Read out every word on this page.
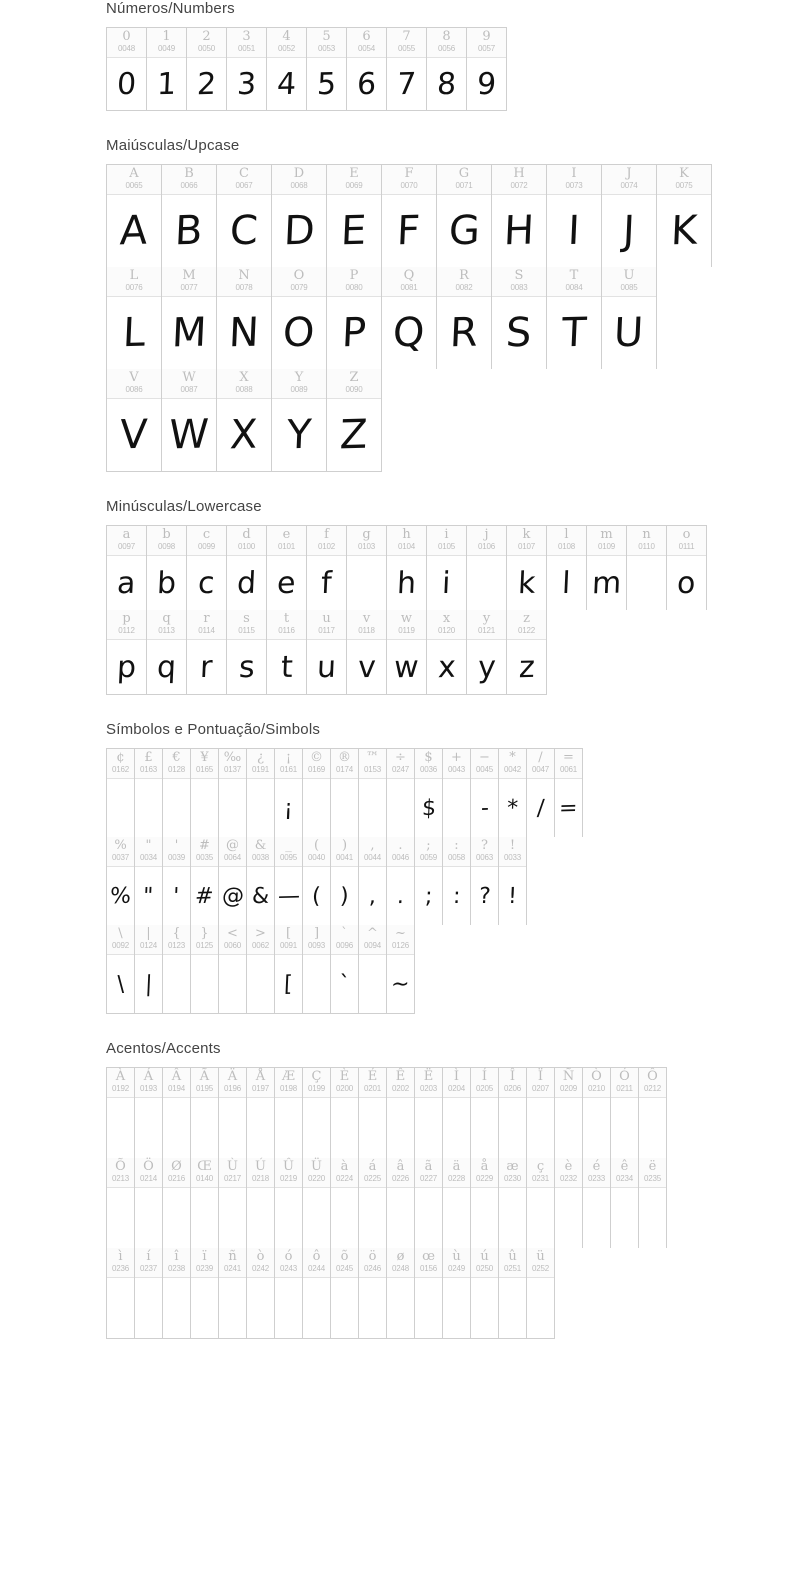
Números/Numbers
0
0048
0
1
0049
1
2
0050
2
3
0051
3
4
0052
4
5
0053
5
6
0054
6
7
0055
7
8
0056
8
9
0057
9
Maiúsculas/Upcase
A
0065
A
B
0066
B
C
0067
C
D
0068
D
E
0069
E
F
0070
F
G
0071
G
H
0072
H
I
0073
I
J
0074
J
K
0075
K
L
0076
L
M
0077
M
N
0078
N
O
0079
O
P
0080
P
Q
0081
Q
R
0082
R
S
0083
S
T
0084
T
U
0085
U
V
0086
V
W
0087
W
X
0088
X
Y
0089
Y
Z
0090
Z
Minúsculas/Lowercase
a
0097
a
b
0098
b
c
0099
c
d
0100
d
e
0101
e
f
0102
f
g
0103
h
0104
h
i
0105
i
j
0106
k
0107
k
l
0108
l
m
0109
m
n
0110
o
0111
o
p
0112
p
q
0113
q
r
0114
r
s
0115
s
t
0116
t
u
0117
u
v
0118
v
w
0119
w
x
0120
x
y
0121
y
z
0122
z
Símbolos e Pontuação/Simbols
¢
0162
£
0163
€
0128
¥
0165
‰
0137
¿
0191
¡
0161
¡
©
0169
®
0174
™
0153
÷
0247
$
0036
$
+
0043
−
0045
-
*
0042
*
/
0047
/
=
0061
=
%
0037
%
"
0034
"
'
0039
'
#
0035
#
@
0064
@
&
0038
&
_
0095
—
(
0040
(
)
0041
)
,
0044
,
.
0046
.
;
0059
;
:
0058
:
?
0063
?
!
0033
!
\
0092
\
|
0124
|
{
0123
}
0125
<
0060
>
0062
[
0091
[
]
0093
`
0096
`
^
0094
~
0126
~
Acentos/Accents
À
0192
Á
0193
Â
0194
Ã
0195
Ä
0196
Å
0197
Æ
0198
Ç
0199
È
0200
É
0201
Ê
0202
Ë
0203
Ì
0204
Í
0205
Î
0206
Ï
0207
Ñ
0209
Ò
0210
Ó
0211
Ô
0212
Õ
0213
Ö
0214
Ø
0216
Œ
0140
Ù
0217
Ú
0218
Û
0219
Ü
0220
à
0224
á
0225
â
0226
ã
0227
ä
0228
å
0229
æ
0230
ç
0231
è
0232
é
0233
ê
0234
ë
0235
ì
0236
í
0237
î
0238
ï
0239
ñ
0241
ò
0242
ó
0243
ô
0244
õ
0245
ö
0246
ø
0248
œ
0156
ù
0249
ú
0250
û
0251
ü
0252
